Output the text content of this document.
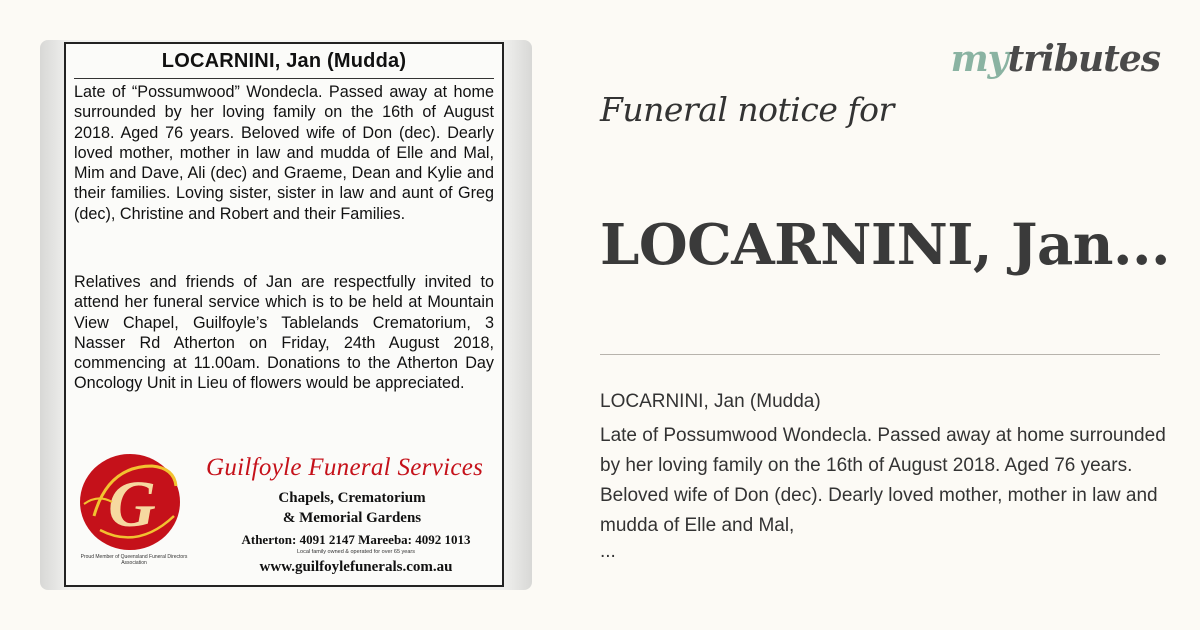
LOCARNINI, Jan (Mudda)

Late of “Possumwood” Wondecla. Passed away at home surrounded by her loving family on the 16th of August 2018. Aged 76 years. Beloved wife of Don (dec). Dearly loved mother, mother in law and mudda of Elle and Mal, Mim and Dave, Ali (dec) and Graeme, Dean and Kylie and their families. Loving sister, sister in law and aunt of Greg (dec), Christine and Robert and their Families.

Relatives and friends of Jan are respectfully invited to attend her funeral service which is to be held at Mountain View Chapel, Guilfoyle’s Tablelands Crematorium, 3 Nasser Rd Atherton on Friday, 24th August 2018, commencing at 11.00am. Donations to the Atherton Day Oncology Unit in Lieu of flowers would be appreciated.

G
Proud Member of Queensland Funeral Directors Association
Guilfoyle Funeral Services
Chapels, Crematorium
& Memorial Gardens
Atherton: 4091 2147 Mareeba: 4092 1013
Local family owned & operated for over 65 years
www.guilfoylefunerals.com.au
mytributes
Funeral notice for
LOCARNINI, Jan...
LOCARNINI, Jan (Mudda)

Late of Possumwood Wondecla. Passed away at home surrounded by her loving family on the 16th of August 2018. Aged 76 years. Beloved wife of Don (dec). Dearly loved mother, mother in law and mudda of Elle and Mal,

...
